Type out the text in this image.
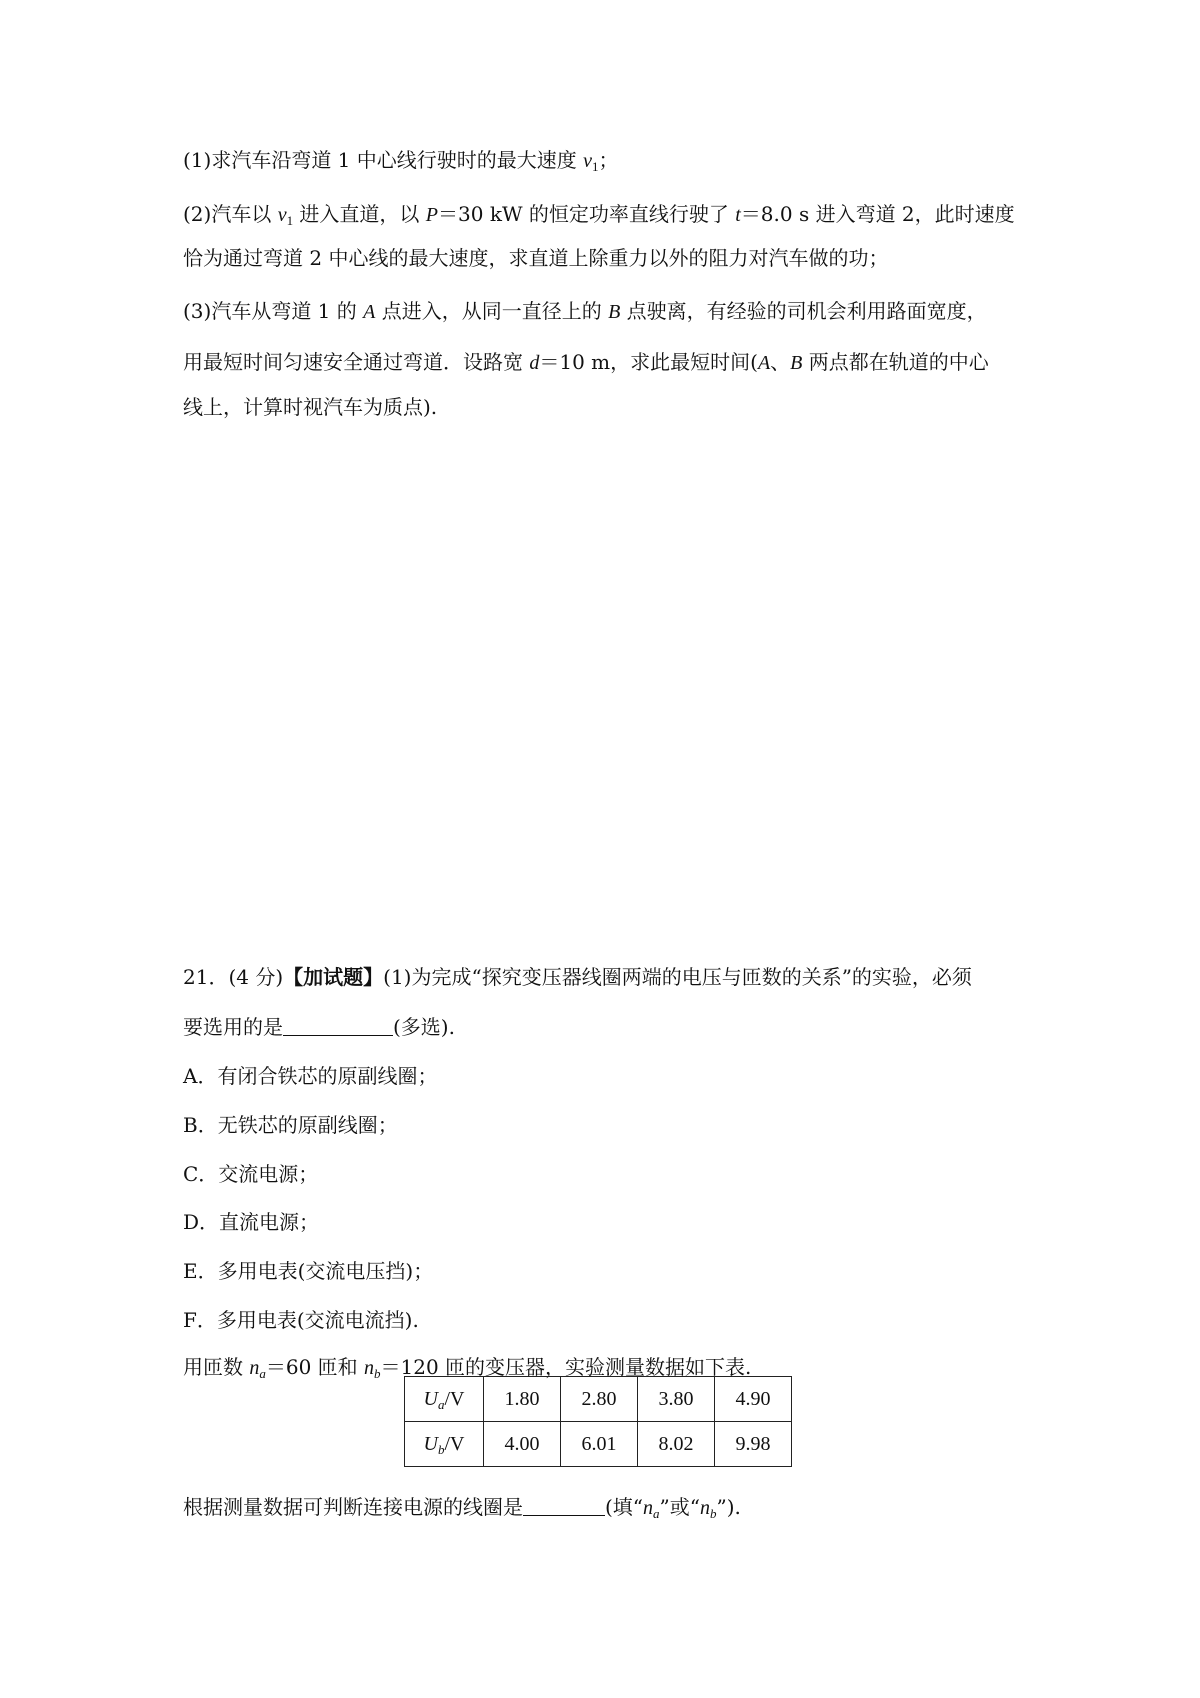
(1)求汽车沿弯道 1 中心线行驶时的最大速度 $v_1$；
(2)汽车以 $v_1$ 进入直道，以 P＝30 kW 的恒定功率直线行驶了 t＝8.0 s 进入弯道 2，此时速度
恰为通过弯道 2 中心线的最大速度，求直道上除重力以外的阻力对汽车做的功；
(3)汽车从弯道 1 的 A 点进入，从同一直径上的 B 点驶离，有经验的司机会利用路面宽度，
用最短时间匀速安全通过弯道．设路宽 d＝10 m，求此最短时间(A、B 两点都在轨道的中心
线上，计算时视汽车为质点).
21．(4 分)【加试题】(1)为完成“探究变压器线圈两端的电压与匝数的关系”的实验，必须
要选用的是	(多选).
A．有闭合铁芯的原副线圈；
B．无铁芯的原副线圈；
C．交流电源；
D．直流电源；
E．多用电表(交流电压挡)；
F．多用电表(交流电流挡).
用匝数 $n_a=60$ 匝和 $n_b=120$ 匝的变压器，实验测量数据如下表.
$U_a/V$	1.80	2.80	3.80	4.90
$U_b/V$	4.00	6.01	8.02	9.98
根据测量数据可判断连接电源的线圈是	(填“$n_a$”或“$n_b$”).
